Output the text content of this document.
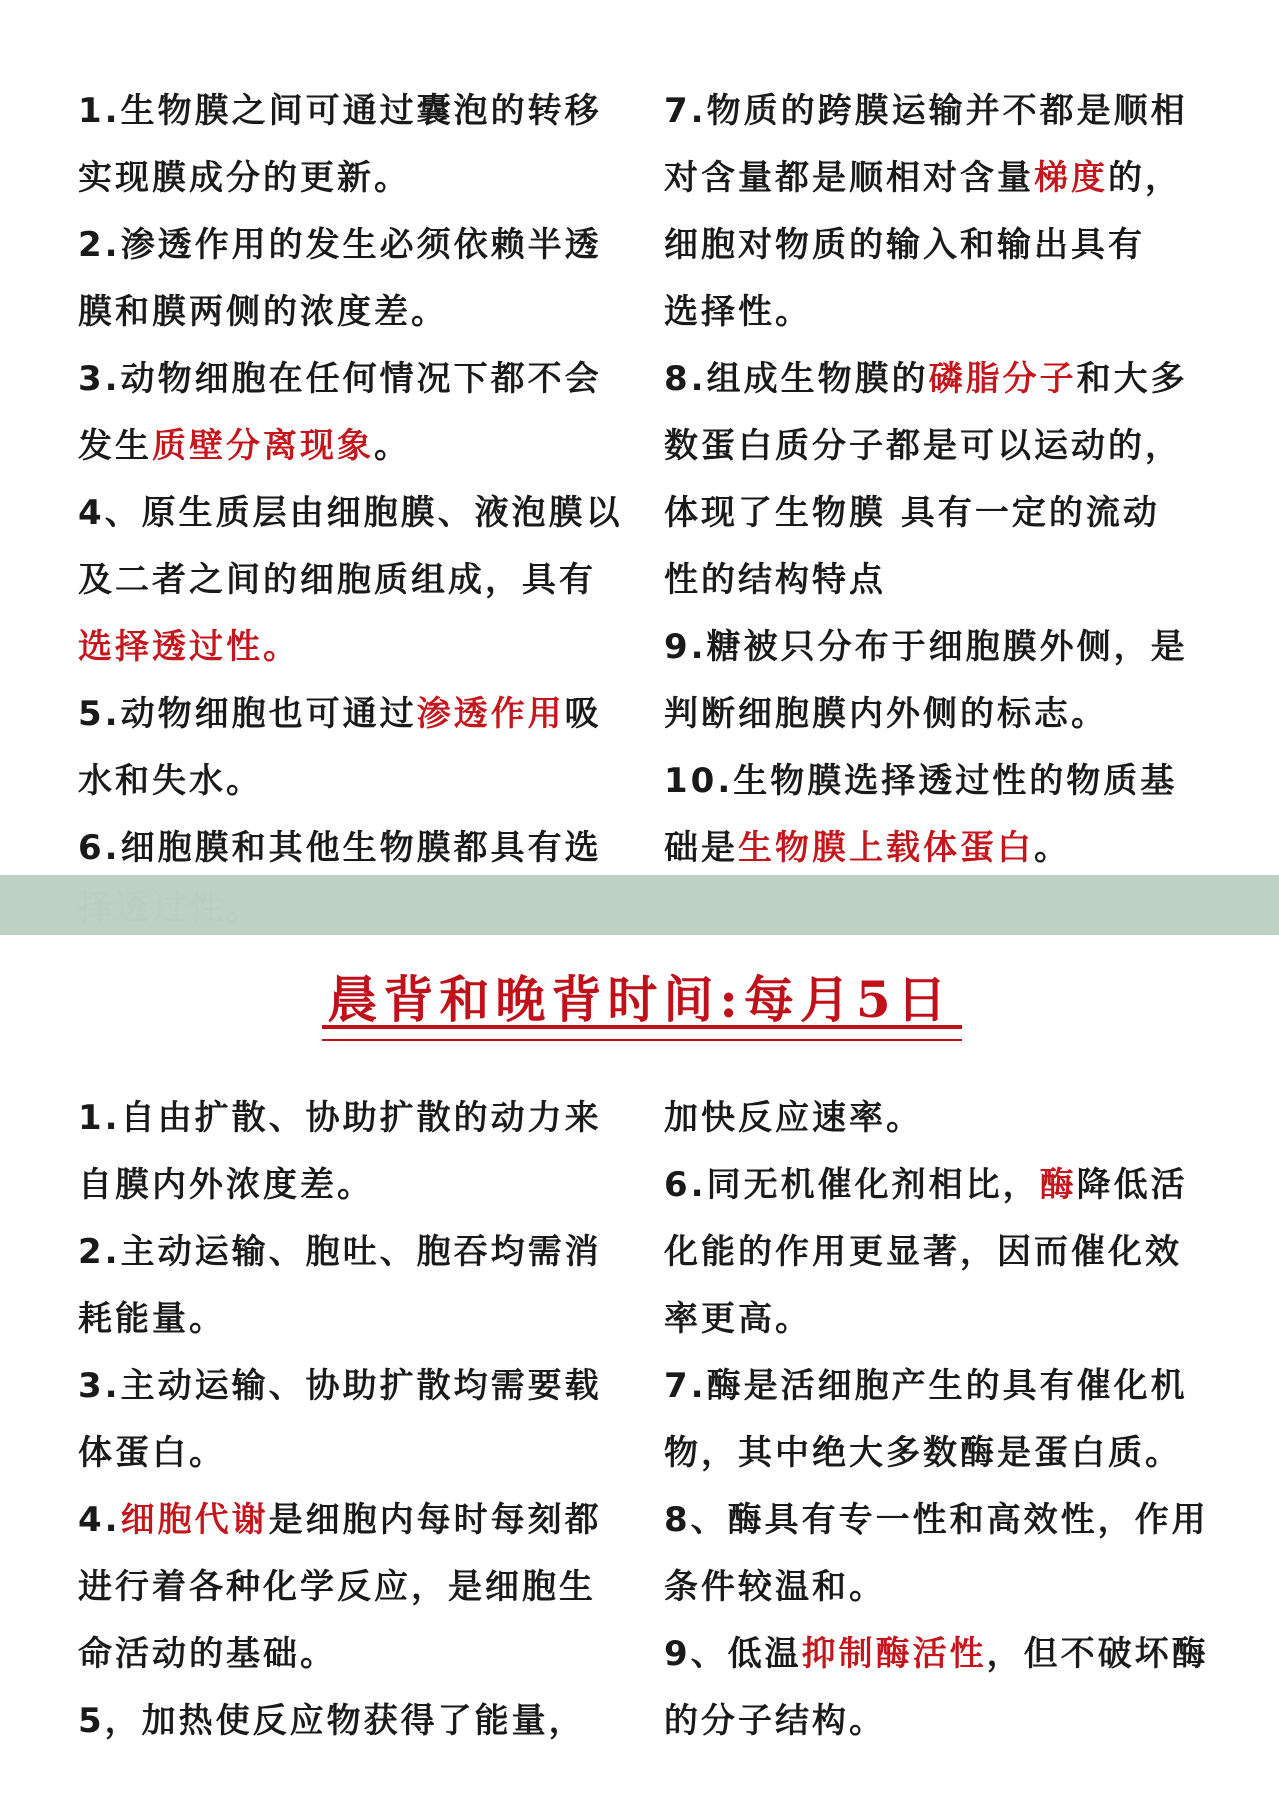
1.生物膜之间可通过囊泡的转移
实现膜成分的更新。
2.渗透作用的发生必须依赖半透
膜和膜两侧的浓度差。
3.动物细胞在任何情况下都不会
发生质壁分离现象。
4、原生质层由细胞膜、液泡膜以
及二者之间的细胞质组成，具有
选择透过性。
5.动物细胞也可通过渗透作用吸
水和失水。
6.细胞膜和其他生物膜都具有选
7.物质的跨膜运输并不都是顺相
对含量都是顺相对含量梯度的，
细胞对物质的输入和输出具有
选择性。
8.组成生物膜的磷脂分子和大多
数蛋白质分子都是可以运动的，
体现了生物膜 具有一定的流动
性的结构特点
9.糖被只分布于细胞膜外侧，是
判断细胞膜内外侧的标志。
10.生物膜选择透过性的物质基
础是生物膜上载体蛋白。
晨背和晚背时间:每月5日
1.自由扩散、协助扩散的动力来
自膜内外浓度差。
2.主动运输、胞吐、胞吞均需消
耗能量。
3.主动运输、协助扩散均需要载
体蛋白。
4.细胞代谢是细胞内每时每刻都
进行着各种化学反应，是细胞生
命活动的基础。
5，加热使反应物获得了能量，
加快反应速率。
6.同无机催化剂相比，酶降低活
化能的作用更显著，因而催化效
率更高。
7.酶是活细胞产生的具有催化机
物，其中绝大多数酶是蛋白质。
8、酶具有专一性和高效性，作用
条件较温和。
9、低温抑制酶活性，但不破坏酶
的分子结构。
